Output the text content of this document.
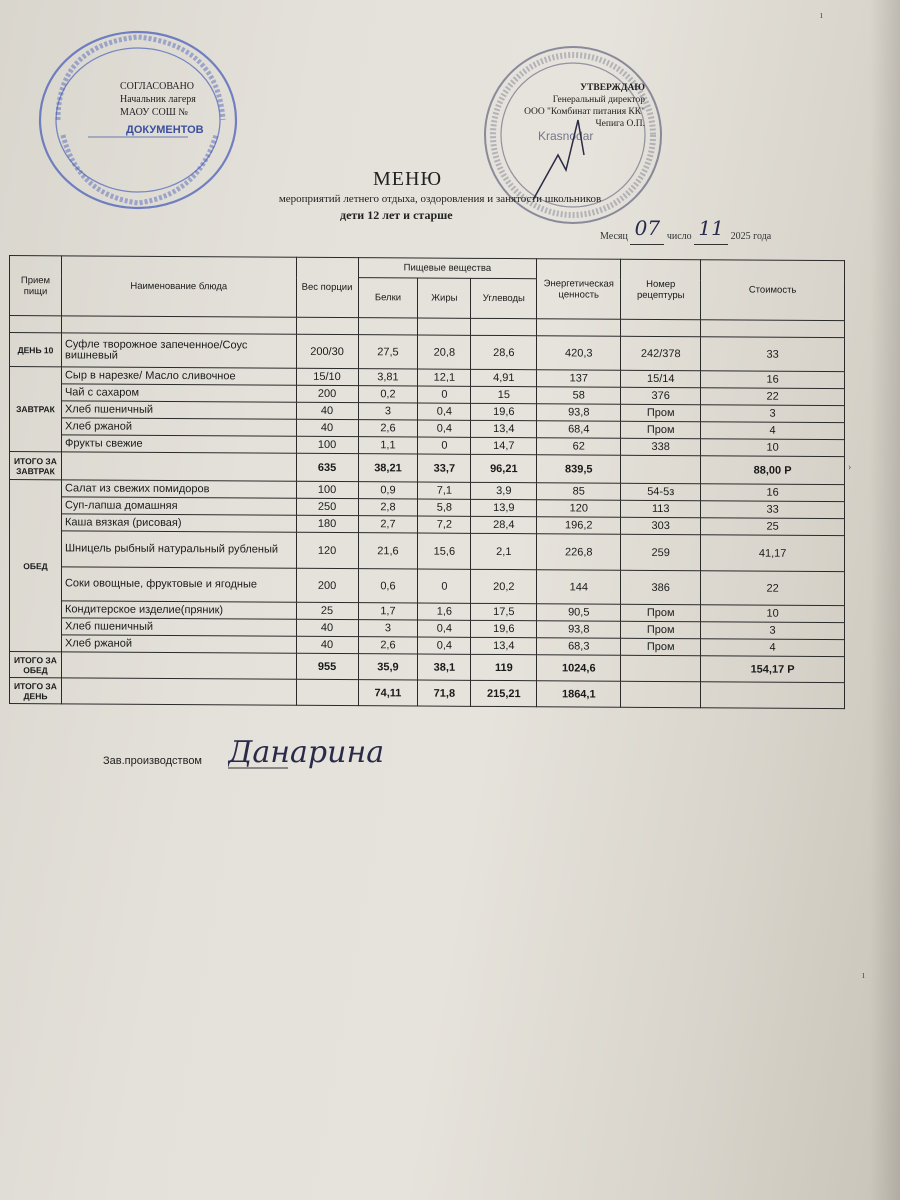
ДОКУМЕНТОВ
СОГЛАСОВАНО
Начальник лагеря
МАОУ СОШ №
Krasnodar
УТВЕРЖДАЮ
Генеральный директор
ООО "Комбинат питания КК"
Чепига О.П.
МЕНЮ
мероприятий летнего отдыха, оздоровления и занятости школьников
дети 12 лет и старше
Месяц 07 число 11 2025 года
Прием пищи	Наименование блюда	Вес порции	Пищевые вещества			Энергетическая ценность	Номер рецептуры	Стоимость
			Белки	Жиры	Углеводы			

ДЕНЬ 10	Суфле творожное запеченное/Соус вишневый	200/30	27,5	20,8	28,6	420,3	242/378	33
ЗАВТРАК	Сыр в нарезке/ Масло сливочное	15/10	3,81	12,1	4,91	137	15/14	16
	Чай с сахаром	200	0,2	0	15	58	376	22
	Хлеб пшеничный	40	3	0,4	19,6	93,8	Пром	3
	Хлеб ржаной	40	2,6	0,4	13,4	68,4	Пром	4
	Фрукты свежие	100	1,1	0	14,7	62	338	10
ИТОГО ЗА ЗАВТРАК		635	38,21	33,7	96,21	839,5		88,00 Р
ОБЕД	Салат из свежих помидоров	100	0,9	7,1	3,9	85	54-5з	16
	Суп-лапша домашняя	250	2,8	5,8	13,9	120	113	33
	Каша вязкая (рисовая)	180	2,7	7,2	28,4	196,2	303	25
	Шницель рыбный натуральный рубленый	120	21,6	15,6	2,1	226,8	259	41,17
	Соки овощные, фруктовые и ягодные	200	0,6	0	20,2	144	386	22
	Кондитерское изделие(пряник)	25	1,7	1,6	17,5	90,5	Пром	10
	Хлеб пшеничный	40	3	0,4	19,6	93,8	Пром	3
	Хлеб ржаной	40	2,6	0,4	13,4	68,3	Пром	4
ИТОГО ЗА ОБЕД		955	35,9	38,1	119	1024,6		154,17 Р
ИТОГО ЗА ДЕНЬ			74,11	71,8	215,21	1864,1		
Зав.производством Данарина
ı
›
ı
